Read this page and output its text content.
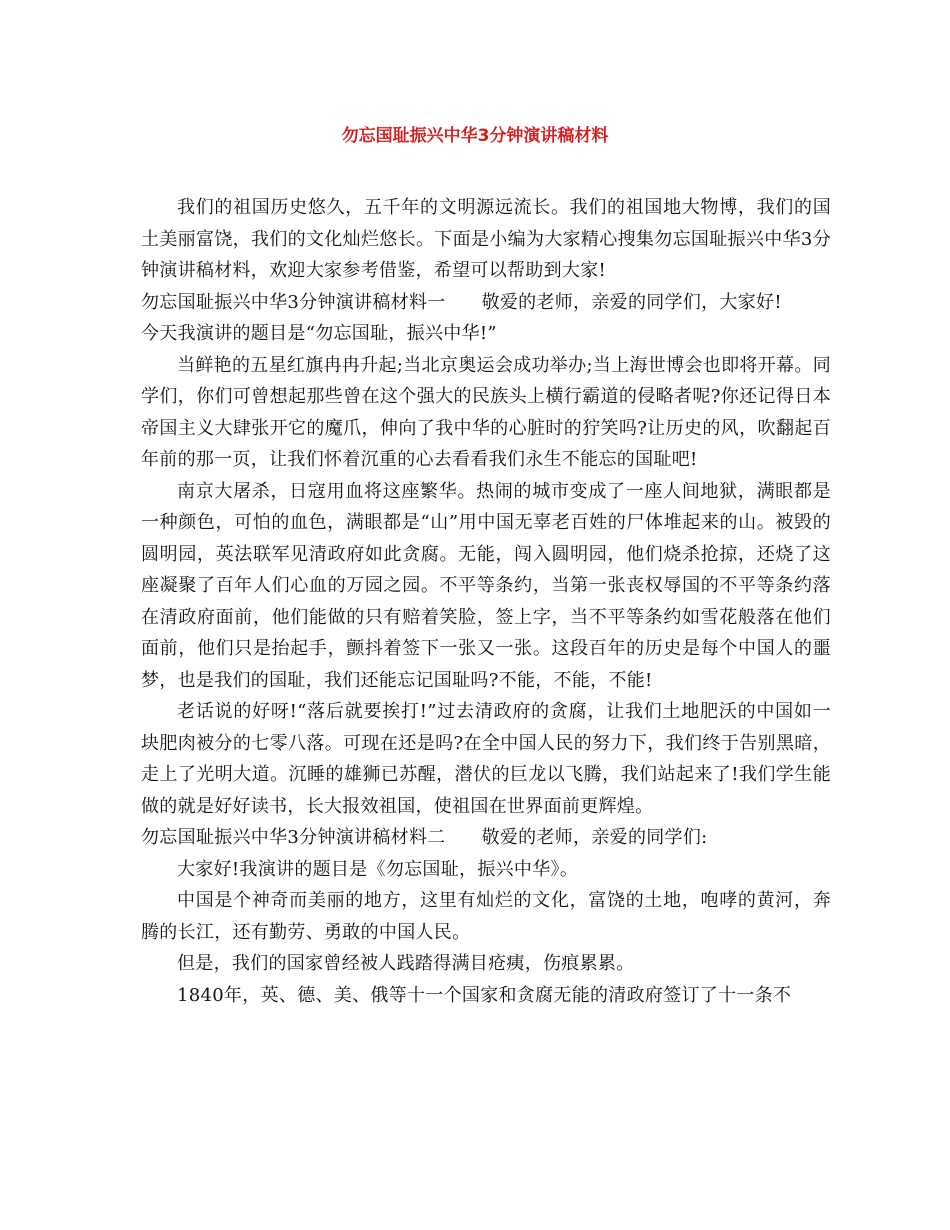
勿忘国耻振兴中华3分钟演讲稿材料

我们的祖国历史悠久，五千年的文明源远流长。我们的祖国地大物博，我们的国土美丽富饶，我们的文化灿烂悠长。下面是小编为大家精心搜集勿忘国耻振兴中华3分钟演讲稿材料，欢迎大家参考借鉴，希望可以帮助到大家!

勿忘国耻振兴中华3分钟演讲稿材料一 敬爱的老师，亲爱的同学们，大家好!

今天我演讲的题目是“勿忘国耻，振兴中华!”

当鲜艳的五星红旗冉冉升起;当北京奥运会成功举办;当上海世博会也即将开幕。同学们，你们可曾想起那些曾在这个强大的民族头上横行霸道的侵略者呢?你还记得日本帝国主义大肆张开它的魔爪，伸向了我中华的心脏时的狞笑吗?让历史的风，吹翻起百年前的那一页，让我们怀着沉重的心去看看我们永生不能忘的国耻吧!

南京大屠杀，日寇用血将这座繁华。热闹的城市变成了一座人间地狱，满眼都是一种颜色，可怕的血色，满眼都是“山”用中国无辜老百姓的尸体堆起来的山。被毁的圆明园，英法联军见清政府如此贪腐。无能，闯入圆明园，他们烧杀抢掠，还烧了这座凝聚了百年人们心血的万园之园。不平等条约，当第一张丧权辱国的不平等条约落在清政府面前，他们能做的只有赔着笑脸，签上字，当不平等条约如雪花般落在他们面前，他们只是抬起手，颤抖着签下一张又一张。这段百年的历史是每个中国人的噩梦，也是我们的国耻，我们还能忘记国耻吗?不能，不能，不能!

老话说的好呀!“落后就要挨打!”过去清政府的贪腐，让我们土地肥沃的中国如一块肥肉被分的七零八落。可现在还是吗?在全中国人民的努力下，我们终于告别黑暗，走上了光明大道。沉睡的雄狮已苏醒，潜伏的巨龙以飞腾，我们站起来了!我们学生能做的就是好好读书，长大报效祖国，使祖国在世界面前更辉煌。

勿忘国耻振兴中华3分钟演讲稿材料二 敬爱的老师，亲爱的同学们:

大家好!我演讲的题目是《勿忘国耻，振兴中华》。

中国是个神奇而美丽的地方，这里有灿烂的文化，富饶的土地，咆哮的黄河，奔腾的长江，还有勤劳、勇敢的中国人民。

但是，我们的国家曾经被人践踏得满目疮痍，伤痕累累。

1840年，英、德、美、俄等十一个国家和贪腐无能的清政府签订了十一条不
